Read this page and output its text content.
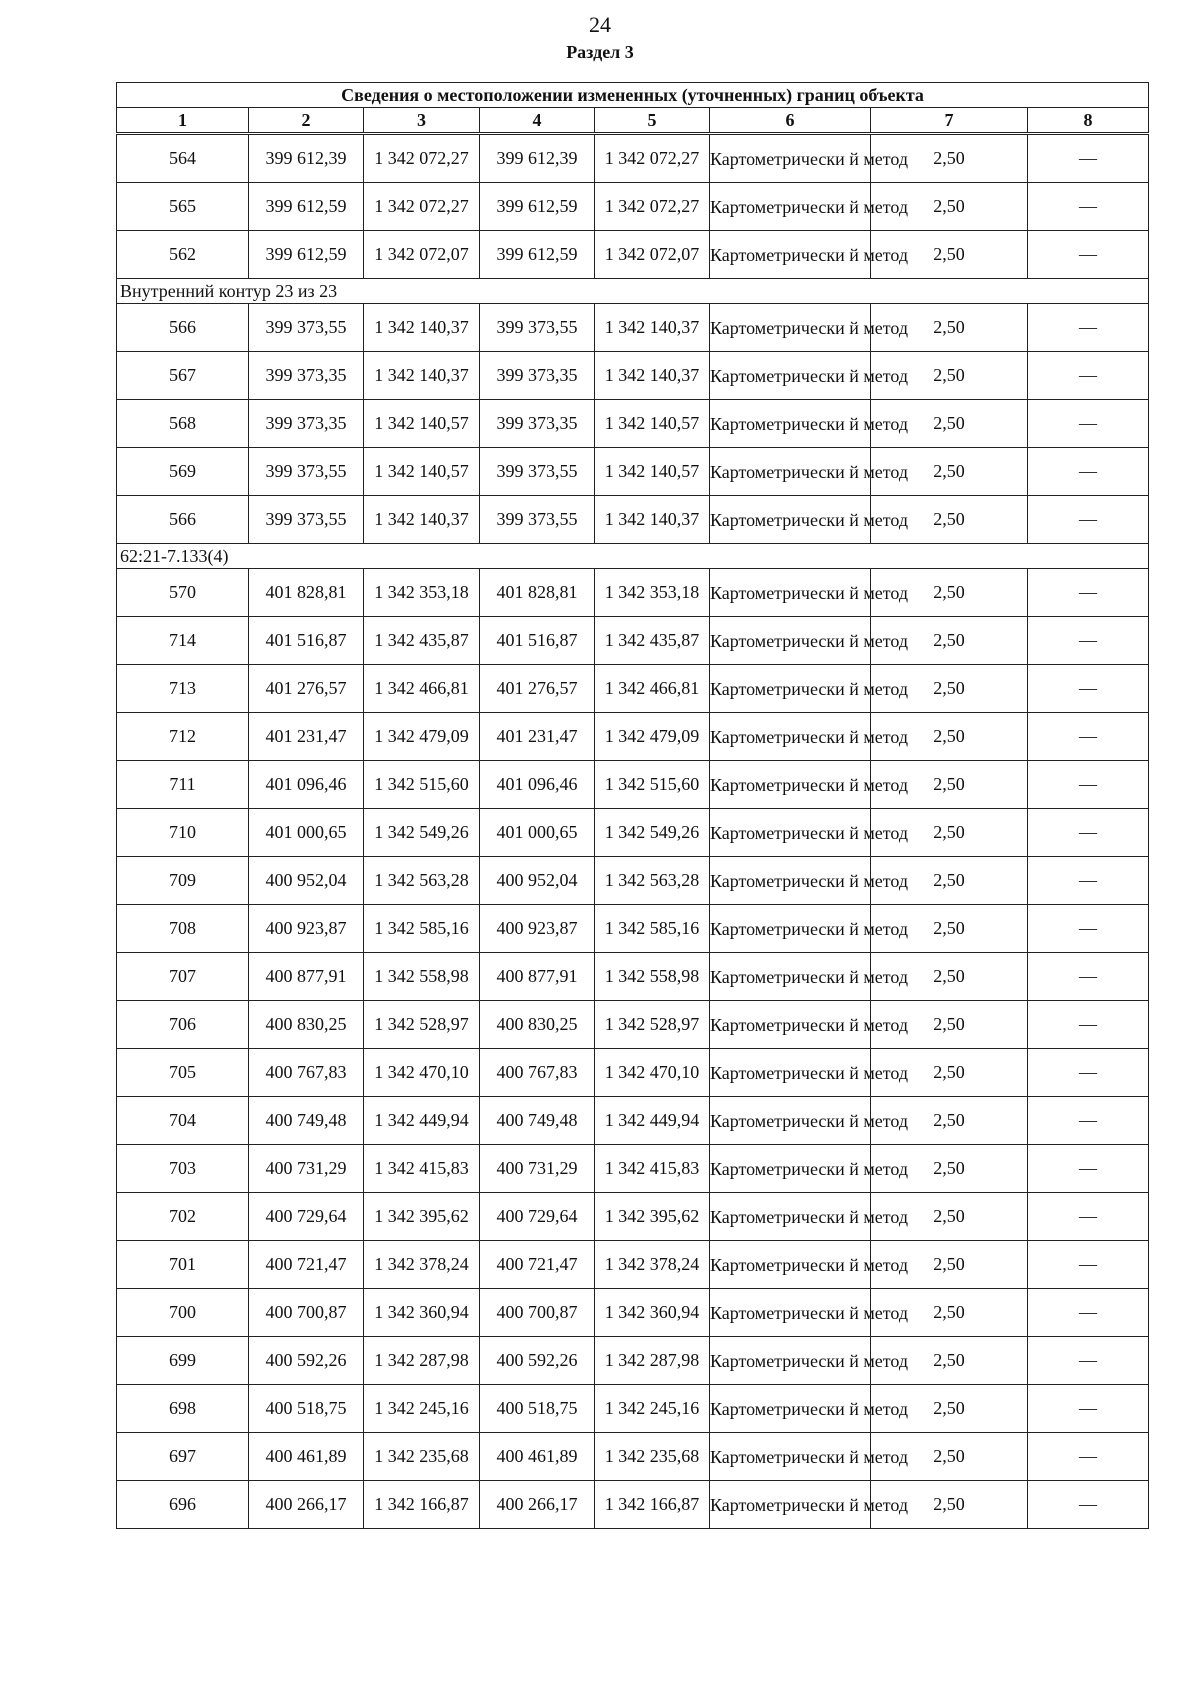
24
Раздел 3
Сведения о местоположении измененных (уточненных) границ объекта							
1	2	3	4	5	6	7	8
564	399 612,39	1 342 072,27	399 612,39	1 342 072,27	Картометрически й метод	2,50	—
565	399 612,59	1 342 072,27	399 612,59	1 342 072,27	Картометрически й метод	2,50	—
562	399 612,59	1 342 072,07	399 612,59	1 342 072,07	Картометрически й метод	2,50	—
Внутренний контур 23 из 23							
566	399 373,55	1 342 140,37	399 373,55	1 342 140,37	Картометрически й метод	2,50	—
567	399 373,35	1 342 140,37	399 373,35	1 342 140,37	Картометрически й метод	2,50	—
568	399 373,35	1 342 140,57	399 373,35	1 342 140,57	Картометрически й метод	2,50	—
569	399 373,55	1 342 140,57	399 373,55	1 342 140,57	Картометрически й метод	2,50	—
566	399 373,55	1 342 140,37	399 373,55	1 342 140,37	Картометрически й метод	2,50	—
62:21-7.133(4)							
570	401 828,81	1 342 353,18	401 828,81	1 342 353,18	Картометрически й метод	2,50	—
714	401 516,87	1 342 435,87	401 516,87	1 342 435,87	Картометрически й метод	2,50	—
713	401 276,57	1 342 466,81	401 276,57	1 342 466,81	Картометрически й метод	2,50	—
712	401 231,47	1 342 479,09	401 231,47	1 342 479,09	Картометрически й метод	2,50	—
711	401 096,46	1 342 515,60	401 096,46	1 342 515,60	Картометрически й метод	2,50	—
710	401 000,65	1 342 549,26	401 000,65	1 342 549,26	Картометрически й метод	2,50	—
709	400 952,04	1 342 563,28	400 952,04	1 342 563,28	Картометрически й метод	2,50	—
708	400 923,87	1 342 585,16	400 923,87	1 342 585,16	Картометрически й метод	2,50	—
707	400 877,91	1 342 558,98	400 877,91	1 342 558,98	Картометрически й метод	2,50	—
706	400 830,25	1 342 528,97	400 830,25	1 342 528,97	Картометрически й метод	2,50	—
705	400 767,83	1 342 470,10	400 767,83	1 342 470,10	Картометрически й метод	2,50	—
704	400 749,48	1 342 449,94	400 749,48	1 342 449,94	Картометрически й метод	2,50	—
703	400 731,29	1 342 415,83	400 731,29	1 342 415,83	Картометрически й метод	2,50	—
702	400 729,64	1 342 395,62	400 729,64	1 342 395,62	Картометрически й метод	2,50	—
701	400 721,47	1 342 378,24	400 721,47	1 342 378,24	Картометрически й метод	2,50	—
700	400 700,87	1 342 360,94	400 700,87	1 342 360,94	Картометрически й метод	2,50	—
699	400 592,26	1 342 287,98	400 592,26	1 342 287,98	Картометрически й метод	2,50	—
698	400 518,75	1 342 245,16	400 518,75	1 342 245,16	Картометрически й метод	2,50	—
697	400 461,89	1 342 235,68	400 461,89	1 342 235,68	Картометрически й метод	2,50	—
696	400 266,17	1 342 166,87	400 266,17	1 342 166,87	Картометрически й метод	2,50	—
